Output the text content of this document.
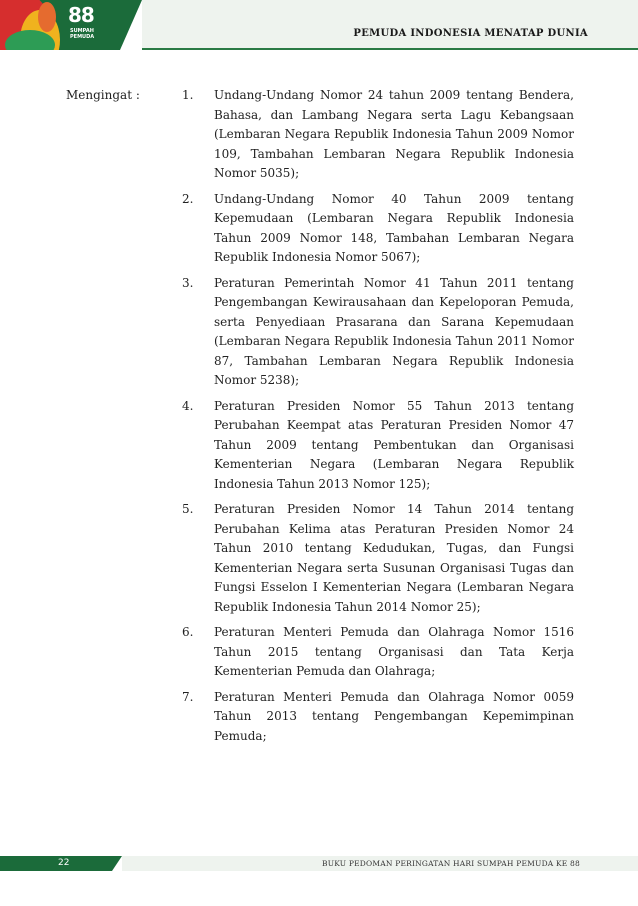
88
SUMPAH PEMUDA	PEMUDA INDONESIA MENATAP DUNIA
Mengingat :	1. Undang-Undang Nomor 24 tahun 2009 tentang Bendera, Bahasa, dan Lambang Negara serta Lagu Kebangsaan (Lembaran Negara Republik Indonesia Tahun 2009 Nomor 109, Tambahan Lembaran Negara Republik Indonesia Nomor 5035);
2. Undang-Undang Nomor 40 Tahun 2009 tentang Kepemudaan (Lembaran Negara Republik Indonesia Tahun 2009 Nomor 148, Tambahan Lembaran Negara Republik Indonesia Nomor 5067);
3. Peraturan Pemerintah Nomor 41 Tahun 2011 tentang Pengembangan Kewirausahaan dan Kepeloporan Pemuda, serta Penyediaan Prasarana dan Sarana Kepemudaan (Lembaran Negara Republik Indonesia Tahun 2011 Nomor 87, Tambahan Lembaran Negara Republik Indonesia Nomor 5238);
4. Peraturan Presiden Nomor 55 Tahun 2013 tentang Perubahan Keempat atas Peraturan Presiden Nomor 47 Tahun 2009 tentang Pembentukan dan Organisasi Kementerian Negara (Lembaran Negara Republik Indonesia Tahun 2013 Nomor 125);
5. Peraturan Presiden Nomor 14 Tahun 2014 tentang Perubahan Kelima atas Peraturan Presiden Nomor 24 Tahun 2010 tentang Kedudukan, Tugas, dan Fungsi Kementerian Negara serta Susunan Organisasi Tugas dan Fungsi Esselon I Kementerian Negara (Lembaran Negara Republik Indonesia Tahun 2014 Nomor 25);
6. Peraturan Menteri Pemuda dan Olahraga Nomor 1516 Tahun 2015 tentang Organisasi dan Tata Kerja Kementerian Pemuda dan Olahraga;
7. Peraturan Menteri Pemuda dan Olahraga Nomor 0059 Tahun 2013 tentang Pengembangan Kepemimpinan Pemuda;
22	BUKU PEDOMAN PERINGATAN HARI SUMPAH PEMUDA KE 88
